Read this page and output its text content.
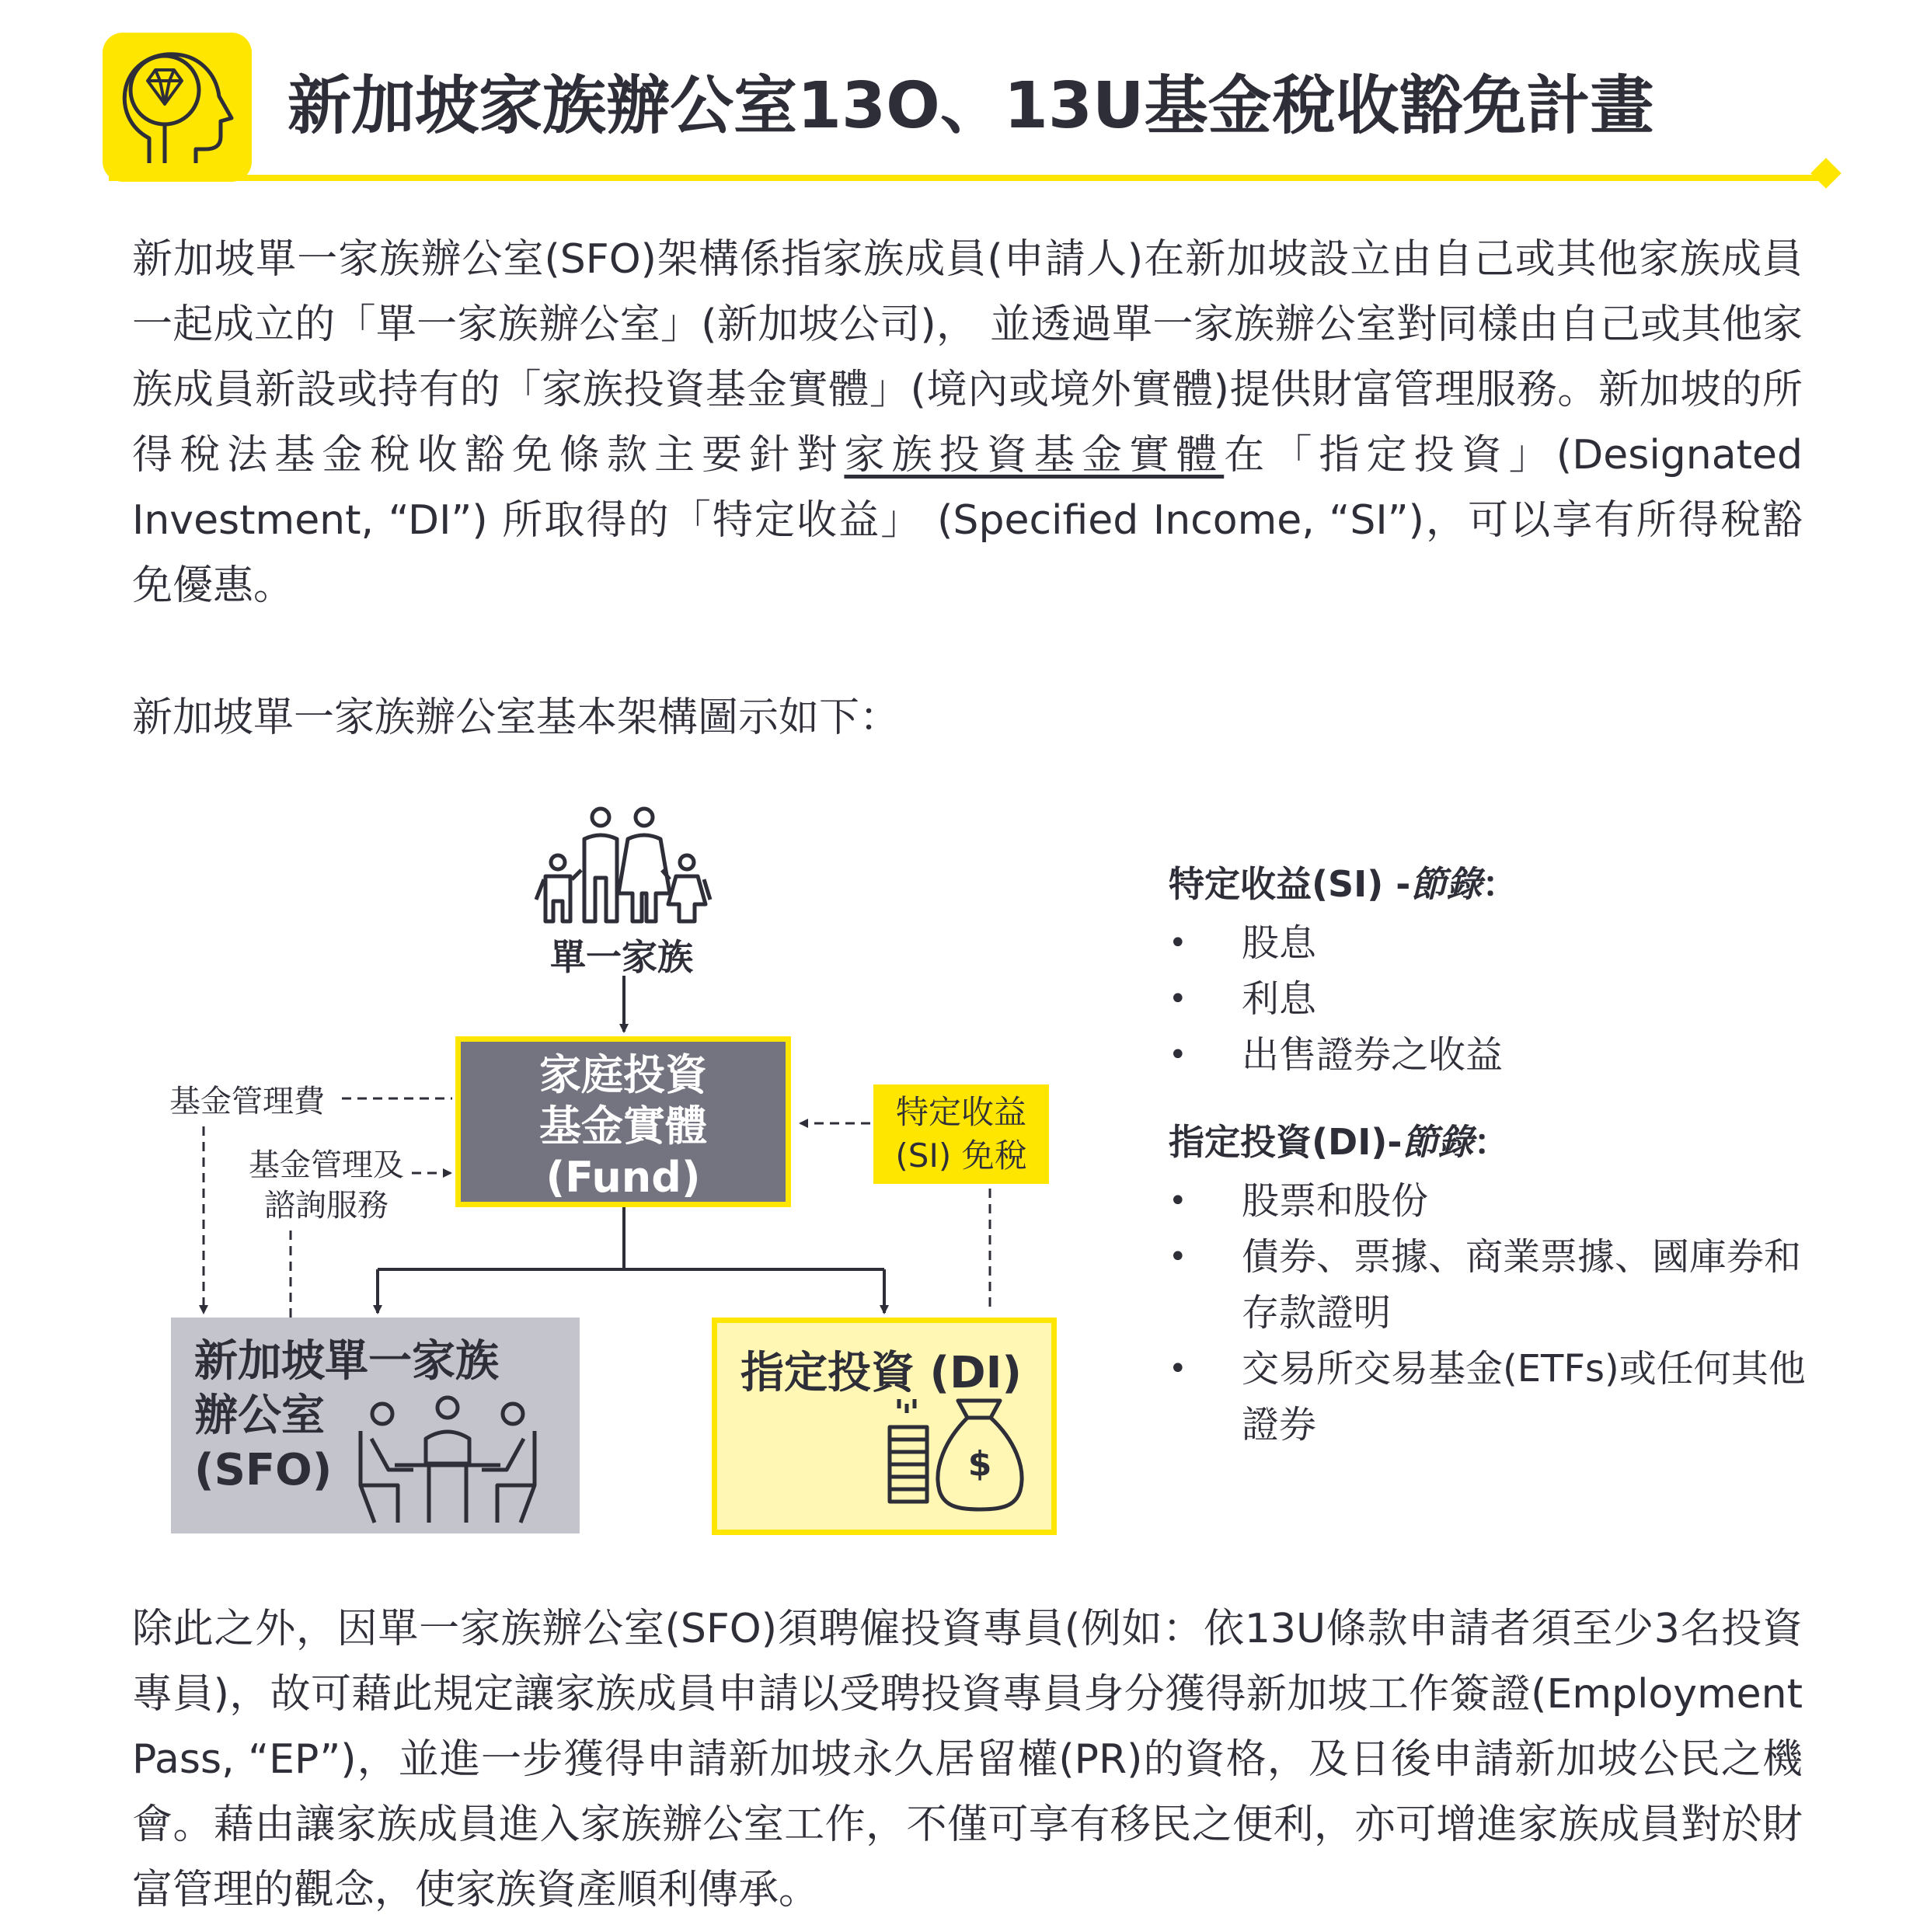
新加坡家族辦公室13O、13U基金稅收豁免計畫

新加坡單一家族辦公室(SFO)架構係指家族成員(申請人)在新加坡設立由自己或其他家族成員一起成立的「單一家族辦公室」(新加坡公司)， 並透過單一家族辦公室對同樣由自己或其他家族成員新設或持有的「家族投資基金實體」(境內或境外實體)提供財富管理服務。新加坡的所得稅法基金稅收豁免條款主要針對家族投資基金實體在「指定投資」(Designated Investment, “DI”) 所取得的「特定收益」 (Specified Income, “SI”)，可以享有所得稅豁免優惠。

新加坡單一家族辦公室基本架構圖示如下：

單一家族
家庭投資
基金實體
(Fund)
特定收益
(SI) 免稅
基金管理費
基金管理及
諮詢服務
新加坡單一家族
辦公室
(SFO)
指定投資 (DI)
$
特定收益(SI) -節錄：
• 股息
• 利息
• 出售證券之收益
指定投資(DI)-節錄：
• 股票和股份
• 債券、票據、商業票據、國庫券和存款證明
• 交易所交易基金(ETFs)或任何其他證券

除此之外，因單一家族辦公室(SFO)須聘僱投資專員(例如：依13U條款申請者須至少3名投資專員)，故可藉此規定讓家族成員申請以受聘投資專員身分獲得新加坡工作簽證(Employment Pass, “EP”)，並進一步獲得申請新加坡永久居留權(PR)的資格，及日後申請新加坡公民之機會。藉由讓家族成員進入家族辦公室工作，不僅可享有移民之便利，亦可增進家族成員對於財富管理的觀念，使家族資產順利傳承。
